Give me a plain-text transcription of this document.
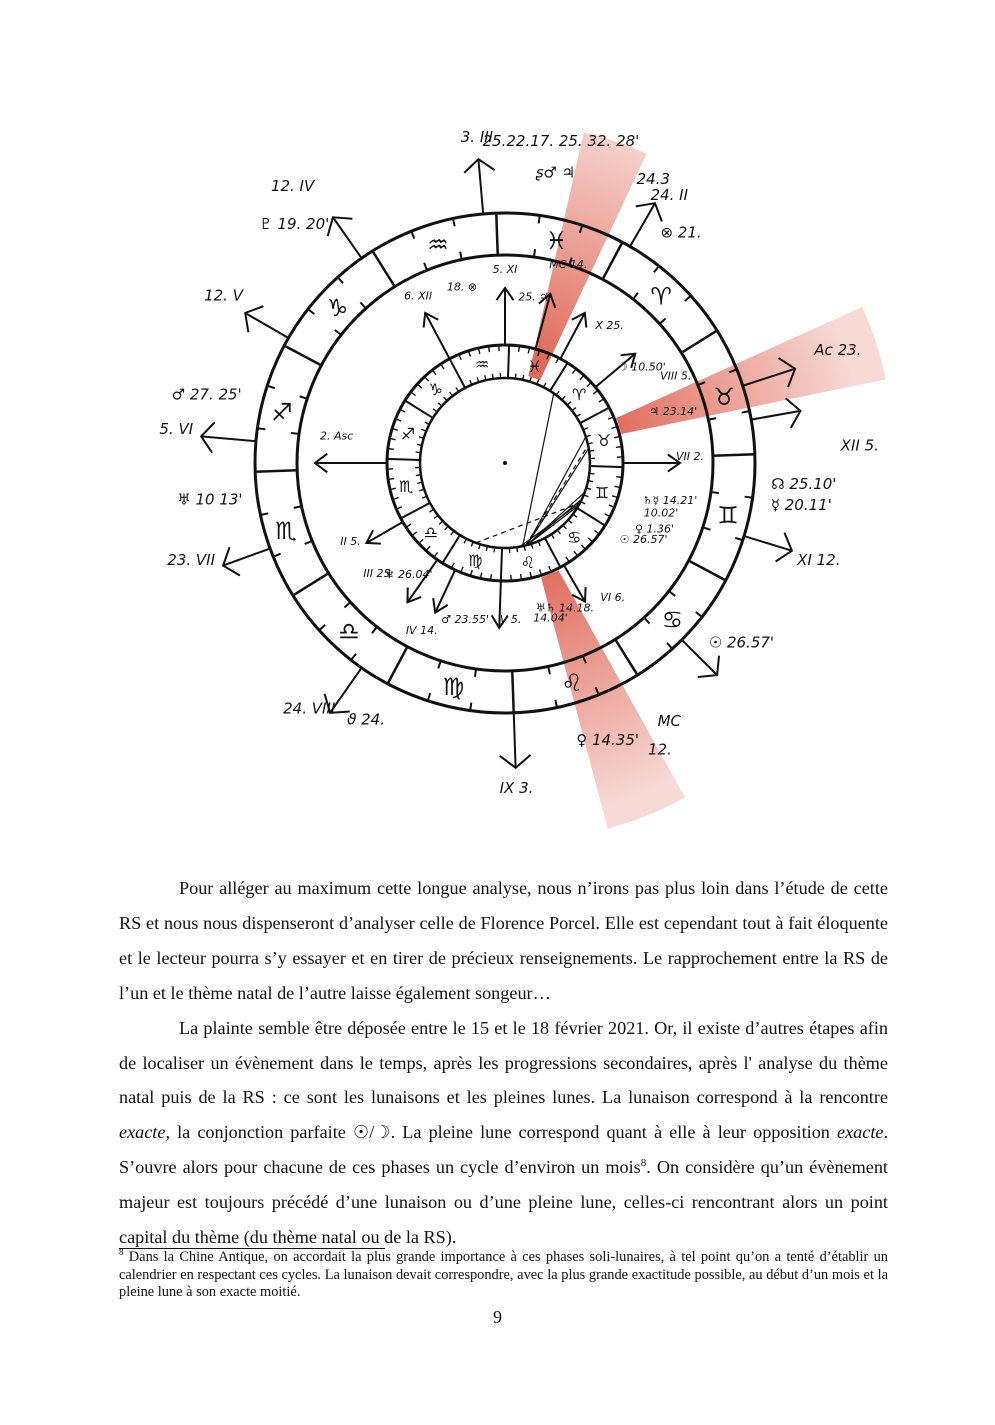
♒
♑
♐
♏
♎
♍	♌
♋
♊
♉
♈
♓
♒
♑
♐
♏
♎
♍ ♌
♋
♊
♉
♈
♓
3. III
25.22.17. 25. 32. 28'
ʂ♂ ♃
24. II
24.3
⊗ 21.
Ac 23.
XII 5.
☊ 25.10'
☿ 20.11'
XI 12.
☉ 26.57'
MC
12.
♀ 14.35'
IX 3.
24. VIII
ϑ 24.
23. VII
♅ 10 13'
5. VI
♂ 27. 25'
12. V
♇ 19. 20'
12. IV
6. XII
18. ⊗
5. XI
25. ♃
MC 14.
X 25.
☽ 10.50'
VIII 5.
♃ 23.14'
VII 2.
♄☿ 14.21'
10.02'
♀ 1.36'
☉ 26.57'
VI 6.
♅♄ 14.18.
14.04'
V 5.
♂ 23.55'
IV 14.
III 25.
♆ 26.04'
II 5.
2. Asc

Pour alléger au maximum cette longue analyse, nous n’irons pas plus loin dans l’étude de cette RS et nous nous dispenseront d’analyser celle de Florence Porcel. Elle est cependant tout à fait éloquente et le lecteur pourra s’y essayer et en tirer de précieux renseignements. Le rapprochement entre la RS de l’un et le thème natal de l’autre laisse également songeur…

La plainte semble être déposée entre le 15 et le 18 février 2021. Or, il existe d’autres étapes afin de localiser un évènement dans le temps, après les progressions secondaires, après l' analyse du thème natal puis de la RS : ce sont les lunaisons et les pleines lunes. La lunaison correspond à la rencontre exacte, la conjonction parfaite ☉/☽. La pleine lune correspond quant à elle à leur opposition exacte. S’ouvre alors pour chacune de ces phases un cycle d’environ un mois$^8$. On considère qu’un évènement majeur est toujours précédé d’une lunaison ou d’une pleine lune, celles-ci rencontrant alors un point capital du thème (du thème natal ou de la RS).

$^8$ Dans la Chine Antique, on accordait la plus grande importance à ces phases soli-lunaires, à tel point qu’on a tenté d’établir un calendrier en respectant ces cycles. La lunaison devait correspondre, avec la plus grande exactitude possible, au début d’un mois et la pleine lune à son exacte moitié.
9
